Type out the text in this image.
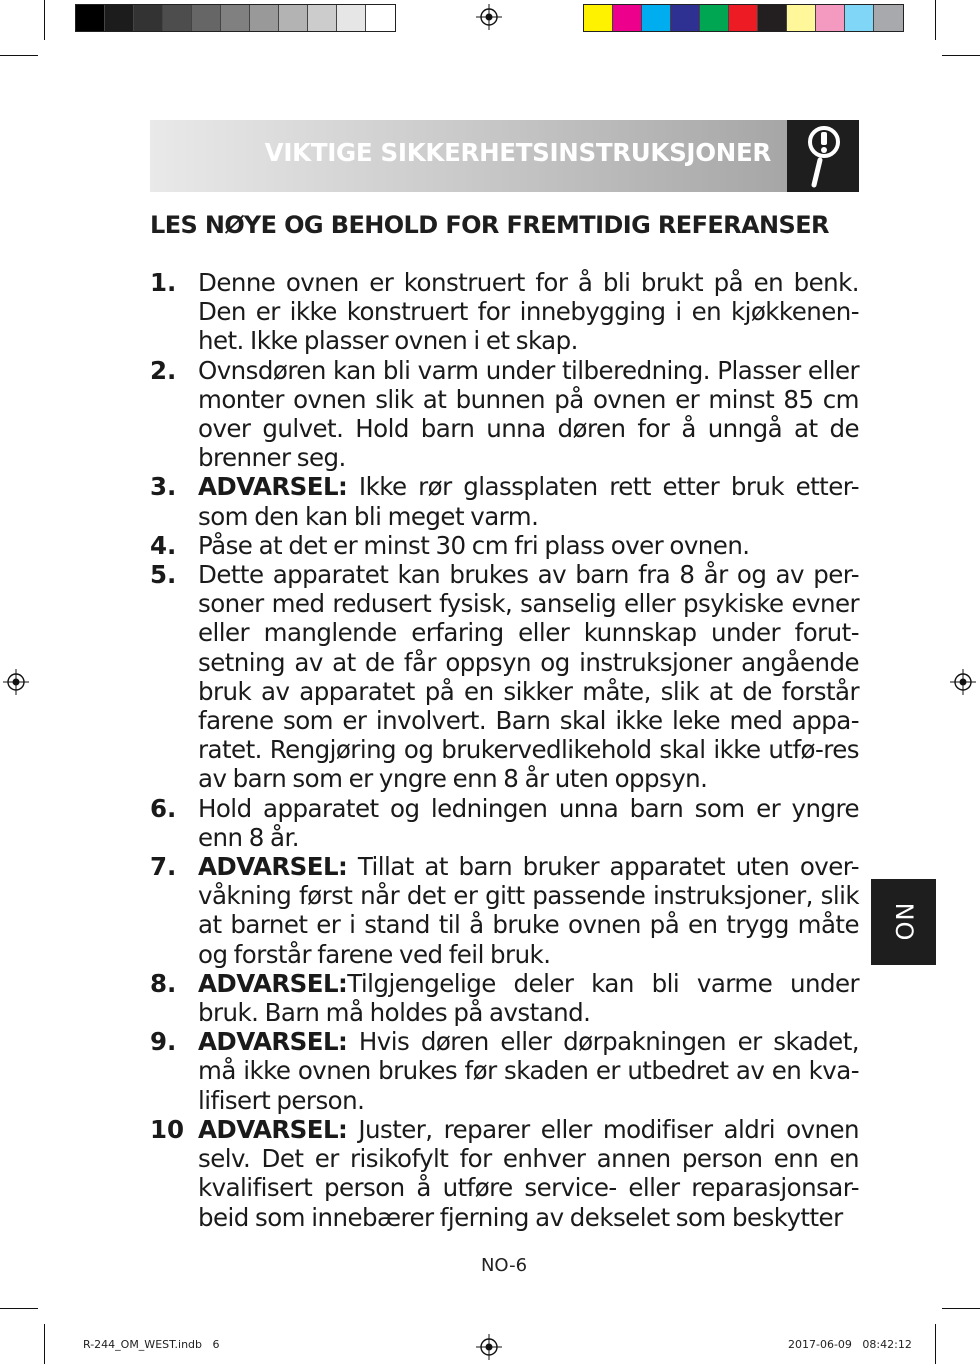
VIKTIGE SIKKERHETSINSTRUKSJONER
LES NØYE OG BEHOLD FOR FREMTIDIG REFERANSER
1. Denne ovnen er konstruert for å bli brukt på en benk. Den er ikke konstruert for innebygging i en kjøkkenen-het. Ikke plasser ovnen i et skap.
2. Ovnsdøren kan bli varm under tilberedning. Plasser eller monter ovnen slik at bunnen på ovnen er minst 85 cm over gulvet. Hold barn unna døren for å unngå at de brenner seg.
3. ADVARSEL: Ikke rør glassplaten rett etter bruk etter-som den kan bli meget varm.
4. Påse at det er minst 30 cm fri plass over ovnen.
5. Dette apparatet kan brukes av barn fra 8 år og av per-soner med redusert fysisk, sanselig eller psykiske evner eller manglende erfaring eller kunnskap under forut-setning av at de får oppsyn og instruksjoner angående bruk av apparatet på en sikker måte, slik at de forstår farene som er involvert. Barn skal ikke leke med appa-ratet. Rengjøring og brukervedlikehold skal ikke utfø-res av barn som er yngre enn 8 år uten oppsyn.
6. Hold apparatet og ledningen unna barn som er yngre enn 8 år.
7. ADVARSEL: Tillat at barn bruker apparatet uten over-våkning først når det er gitt passende instruksjoner, slik at barnet er i stand til å bruke ovnen på en trygg måte og forstår farene ved feil bruk.
8. ADVARSEL:Tilgjengelige deler kan bli varme under bruk. Barn må holdes på avstand.
9. ADVARSEL: Hvis døren eller dørpakningen er skadet, må ikke ovnen brukes før skaden er utbedret av en kva-lifisert person.
10 ADVARSEL: Juster, reparer eller modifiser aldri ovnen selv. Det er risikofylt for enhver annen person enn en kvalifisert person å utføre service- eller reparasjonsar-beid som innebærer fjerning av dekselet som beskytter
NO
NO-6
R-244_OM_WEST.indb   6	2017-06-09   08:42:12
